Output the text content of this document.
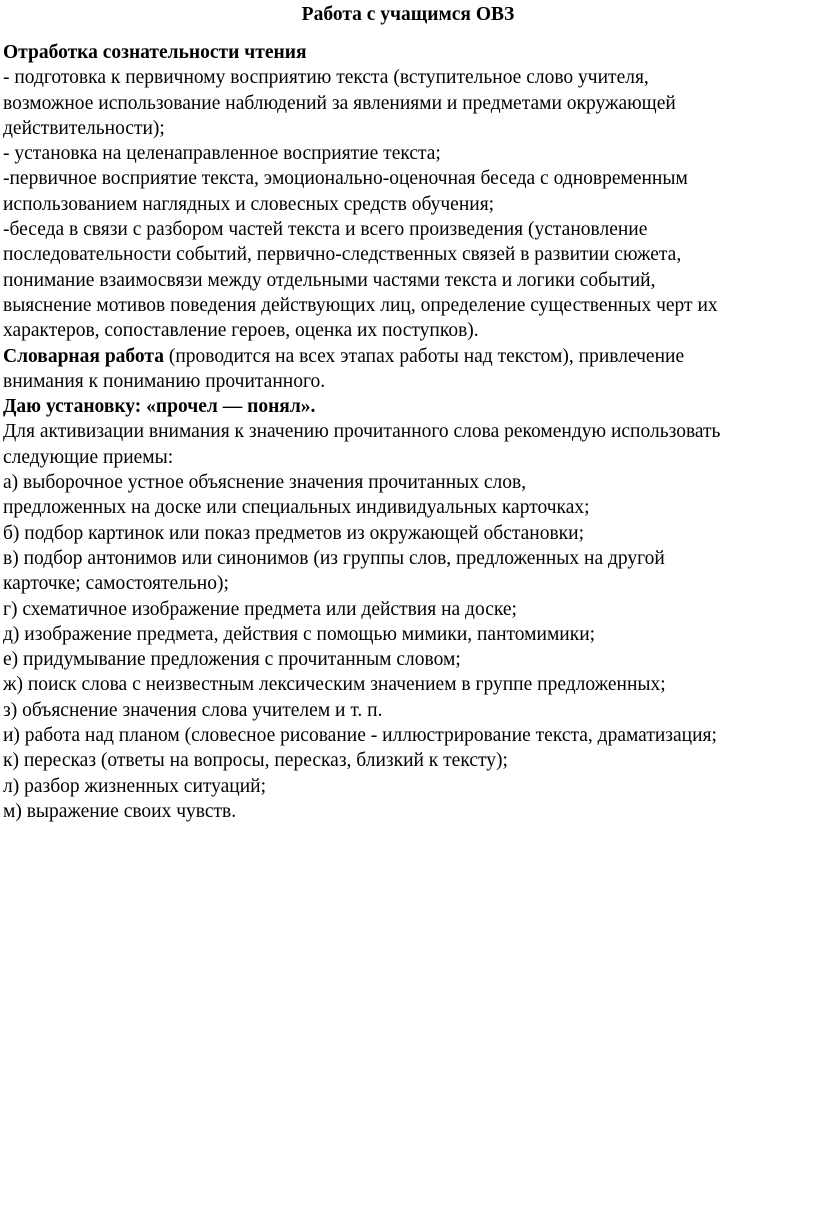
Работа с учащимся ОВЗ

Отработка сознательности чтения

- подготовка к первичному восприятию текста (вступительное слово учителя,

возможное использование наблюдений за явлениями и предметами окружающей

действительности);

- установка на целенаправленное восприятие текста;

-первичное восприятие текста, эмоционально-оценочная беседа с одновременным

использованием наглядных и словесных средств обучения;

-беседа в связи с разбором частей текста и всего произведения (установление

последовательности событий, первично-следственных связей в развитии сюжета,

понимание взаимосвязи между отдельными частями текста и логики событий,

выяснение мотивов поведения действующих лиц, определение существенных черт их

характеров, сопоставление героев, оценка их поступков).

Словарная работа (проводится на всех этапах работы над текстом), привлечение

внимания к пониманию прочитанного.

Даю установку: «прочел — понял».

Для активизации внимания к значению прочитанного слова рекомендую использовать

следующие приемы:

а) выборочное устное объяснение значения прочитанных слов,

предложенных на доске или специальных индивидуальных карточках;

б) подбор картинок или показ предметов из окружающей обстановки;

в) подбор антонимов или синонимов (из группы слов, предложенных на другой

карточке; самостоятельно);

г) схематичное изображение предмета или действия на доске;

д) изображение предмета, действия с помощью мимики, пантомимики;

е) придумывание предложения с прочитанным словом;

ж) поиск слова с неизвестным лексическим значением в группе предложенных;

з) объяснение значения слова учителем и т. п.

и) работа над планом (словесное рисование - иллюстрирование текста, драматизация;

к) пересказ (ответы на вопросы, пересказ, близкий к тексту);

л) разбор жизненных ситуаций;

м) выражение своих чувств.
